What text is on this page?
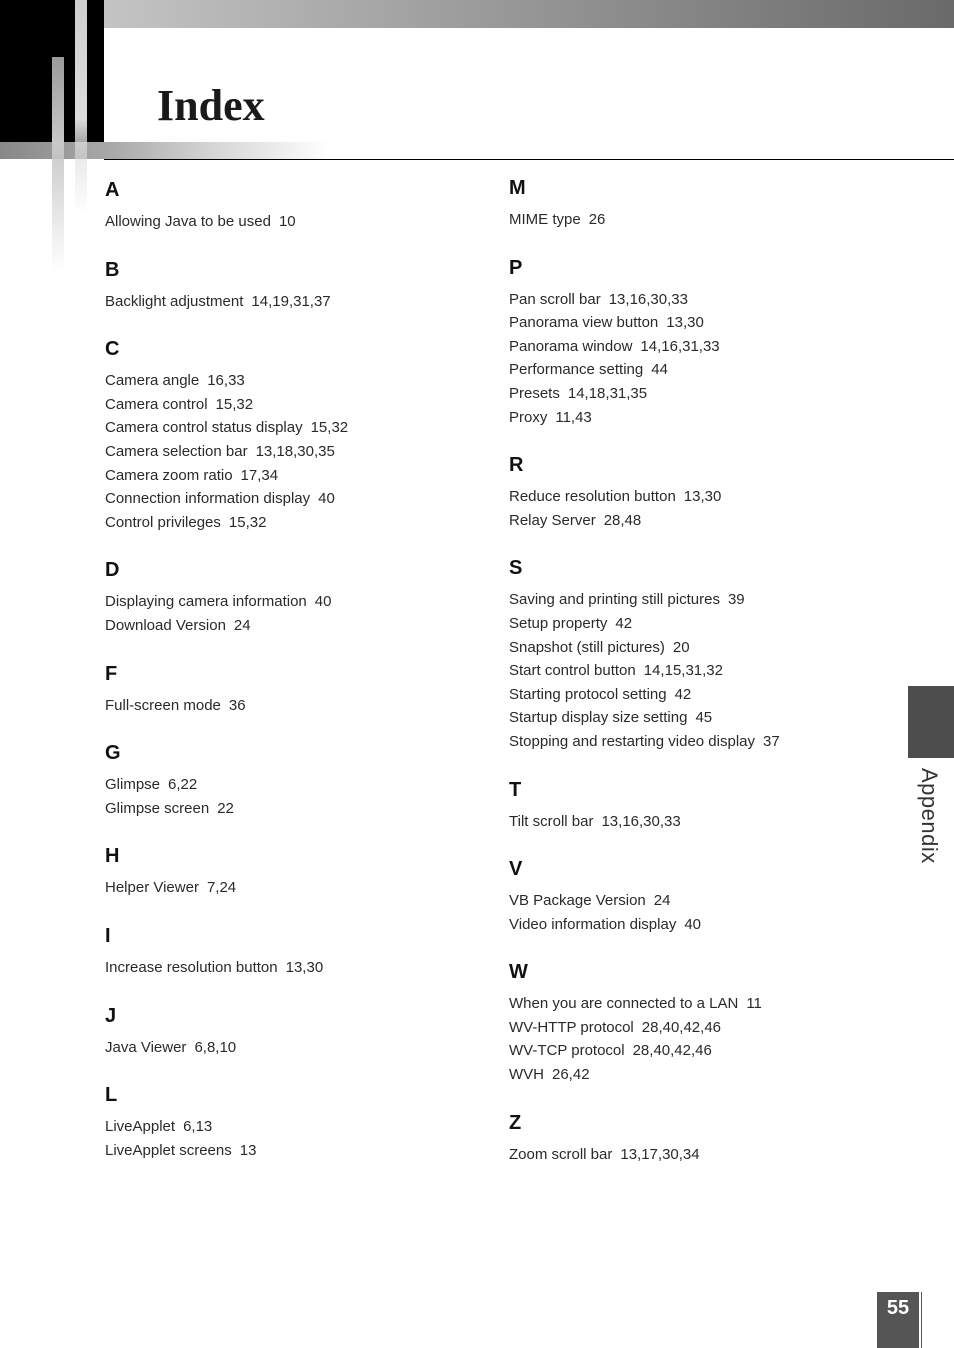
Index
A
Allowing Java to be used 10
B
Backlight adjustment 14,19,31,37
C
Camera angle 16,33
Camera control 15,32
Camera control status display 15,32
Camera selection bar 13,18,30,35
Camera zoom ratio 17,34
Connection information display 40
Control privileges 15,32
D
Displaying camera information 40
Download Version 24
F
Full-screen mode 36
G
Glimpse 6,22
Glimpse screen 22
H
Helper Viewer 7,24
I
Increase resolution button 13,30
J
Java Viewer 6,8,10
L
LiveApplet 6,13
LiveApplet screens 13
M
MIME type 26
P
Pan scroll bar 13,16,30,33
Panorama view button 13,30
Panorama window 14,16,31,33
Performance setting 44
Presets 14,18,31,35
Proxy 11,43
R
Reduce resolution button 13,30
Relay Server 28,48
S
Saving and printing still pictures 39
Setup property 42
Snapshot (still pictures) 20
Start control button 14,15,31,32
Starting protocol setting 42
Startup display size setting 45
Stopping and restarting video display 37
T
Tilt scroll bar 13,16,30,33
V
VB Package Version 24
Video information display 40
W
When you are connected to a LAN 11
WV-HTTP protocol 28,40,42,46
WV-TCP protocol 28,40,42,46
WVH 26,42
Z
Zoom scroll bar 13,17,30,34
Appendix
55
